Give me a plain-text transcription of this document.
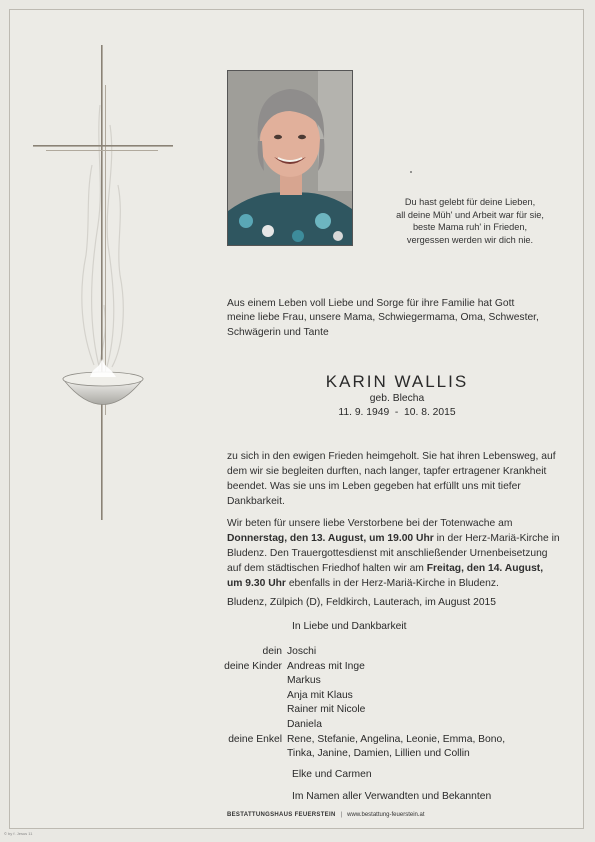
Du hast gelebt für deine Lieben,
all deine Müh' und Arbeit war für sie,
beste Mama ruh' in Frieden,
vergessen werden wir dich nie.
Aus einem Leben voll Liebe und Sorge für ihre Familie hat Gott
meine liebe Frau, unsere Mama, Schwiegermama, Oma, Schwester,
Schwägerin und Tante
KARIN WALLIS
geb. Blecha
11. 9. 1949  -  10. 8. 2015
zu sich in den ewigen Frieden heimgeholt. Sie hat ihren Lebensweg, auf
dem wir sie begleiten durften, nach langer, tapfer ertragener Krankheit
beendet. Was sie uns im Leben gegeben hat erfüllt uns mit tiefer
Dankbarkeit.
Wir beten für unsere liebe Verstorbene bei der Totenwache am
Donnerstag, den 13. August, um 19.00 Uhr in der Herz-Mariä-Kirche in
Bludenz. Den Trauergottesdienst mit anschließender Urnenbeisetzung
auf dem städtischen Friedhof halten wir am Freitag, den 14. August,
um 9.30 Uhr ebenfalls in der Herz-Mariä-Kirche in Bludenz.
Bludenz, Zülpich (D), Feldkirch, Lauterach, im August 2015
In Liebe und Dankbarkeit
dein Joschi
deine Kinder Andreas mit Inge
Markus
Anja mit Klaus
Rainer mit Nicole
Daniela
deine Enkel Rene, Stefanie, Angelina, Leonie, Emma, Bono,
Tinka, Janine, Damien, Lillien und Collin
Elke und Carmen
Im Namen aller Verwandten und Bekannten
BESTATTUNGSHAUS FEUERSTEIN | www.bestattung-feuerstein.at
© by f. Jesus 11
